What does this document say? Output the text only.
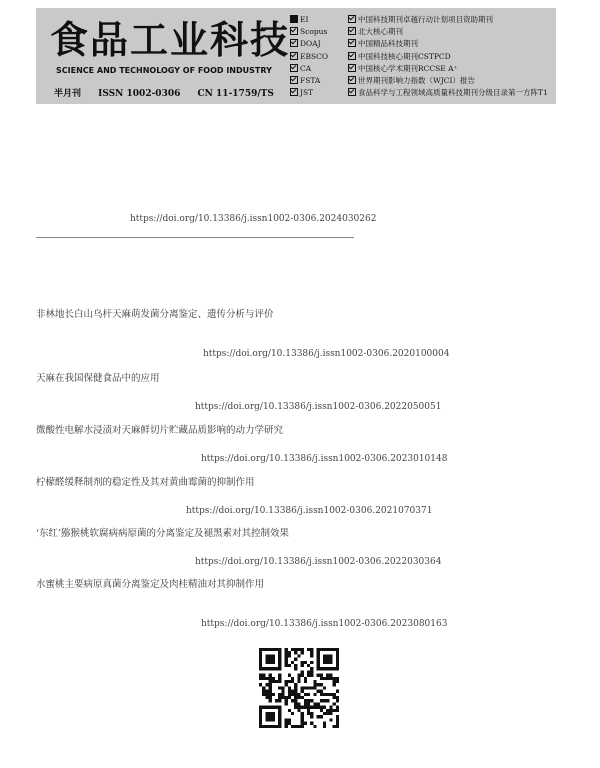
食品工业科技
SCIENCE AND TECHNOLOGY OF FOOD INDUSTRY
半月刊 ISSN 1002-0306 CN 11-1759/TS
EI
Scopus
DOAJ
EBSCO
CA
FSTA
JST
中国科技期刊卓越行动计划项目资助期刊
北大核心期刊
中国精品科技期刊
中国科技核心期刊CSTPCD
中国核心学术期刊RCCSE A⁺
世界期刊影响力指数（WJCI）报告
食品科学与工程领域高质量科技期刊分级目录第一方阵T1
https://doi.org/10.13386/j.issn1002-0306.2024030262
非林地长白山乌杆天麻萌发菌分离鉴定、遗传分析与评价
https://doi.org/10.13386/j.issn1002-0306.2020100004
天麻在我国保健食品中的应用
https://doi.org/10.13386/j.issn1002-0306.2022050051
微酸性电解水浸渍对天麻鲜切片贮藏品质影响的动力学研究
https://doi.org/10.13386/j.issn1002-0306.2023010148
柠檬醛缓释制剂的稳定性及其对黄曲霉菌的抑制作用
https://doi.org/10.13386/j.issn1002-0306.2021070371
‘东红’猕猴桃软腐病病原菌的分离鉴定及褪黑素对其控制效果
https://doi.org/10.13386/j.issn1002-0306.2022030364
水蜜桃主要病原真菌分离鉴定及肉桂精油对其抑制作用
https://doi.org/10.13386/j.issn1002-0306.2023080163
